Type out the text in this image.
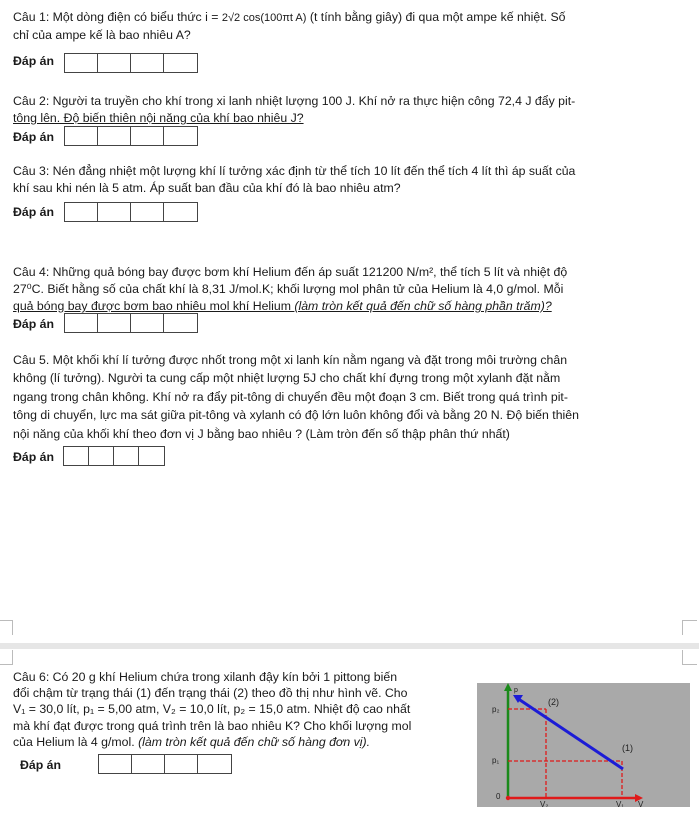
Câu 1: Một dòng điện có biểu thức i = 2√2 cos(100πt A) (t tính bằng giây) đi qua một ampe kế nhiệt. Số
chỉ của ampe kế là bao nhiêu A?
Đáp án
Câu 2: Người ta truyền cho khí trong xi lanh nhiệt lượng 100 J. Khí nở ra thực hiện công 72,4 J đẩy pit-
tông lên. Độ biến thiên nội năng của khí bao nhiêu J?
Đáp án
Câu 3: Nén đẳng nhiệt một lượng khí lí tưởng xác định từ thể tích 10 lít đến thể tích 4 lít thì áp suất của
khí sau khi nén là 5 atm. Áp suất ban đầu của khí đó là bao nhiêu atm?
Đáp án
Câu 4: Những quả bóng bay được bơm khí Helium đến áp suất 121200 N/m², thể tích 5 lít và nhiệt độ
27⁰C. Biết hằng số của chất khí là 8,31 J/mol.K; khối lượng mol phân tử của Helium là 4,0 g/mol. Mỗi
quả bóng bay được bơm bao nhiêu mol khí Helium (làm tròn kết quả đến chữ số hàng phần trăm)?
Đáp án
Câu 5. Một khối khí lí tưởng được nhốt trong một xi lanh kín nằm ngang và đặt trong môi trường chân
không (lí tưởng). Người ta cung cấp một nhiệt lượng 5J cho chất khí đựng trong một xylanh đặt nằm
ngang trong chân không. Khí nở ra đẩy pit-tông di chuyển đều một đoạn 3 cm. Biết trong quá trình pit-
tông di chuyển, lực ma sát giữa pit-tông và xylanh có độ lớn luôn không đổi và bằng 20 N. Độ biến thiên
nội năng của khối khí theo đơn vị J bằng bao nhiêu ? (Làm tròn đến số thập phân thứ nhất)
Đáp án
Câu 6: Có 20 g khí Helium chứa trong xilanh đậy kín bởi 1 pittong biến
đổi chậm từ trạng thái (1) đến trạng thái (2) theo đồ thị như hình vẽ. Cho
V₁ = 30,0 lít, p₁ = 5,00 atm, V₂ = 10,0 lít, p₂ = 15,0 atm. Nhiệt độ cao nhất
mà khí đạt được trong quá trình trên là bao nhiêu K? Cho khối lượng mol
của Helium là 4 g/mol. (làm tròn kết quả đến chữ số hàng đơn vị).
Đáp án
p
p₂
p₁
0
V₂	V₁ V
(2)
(1)
